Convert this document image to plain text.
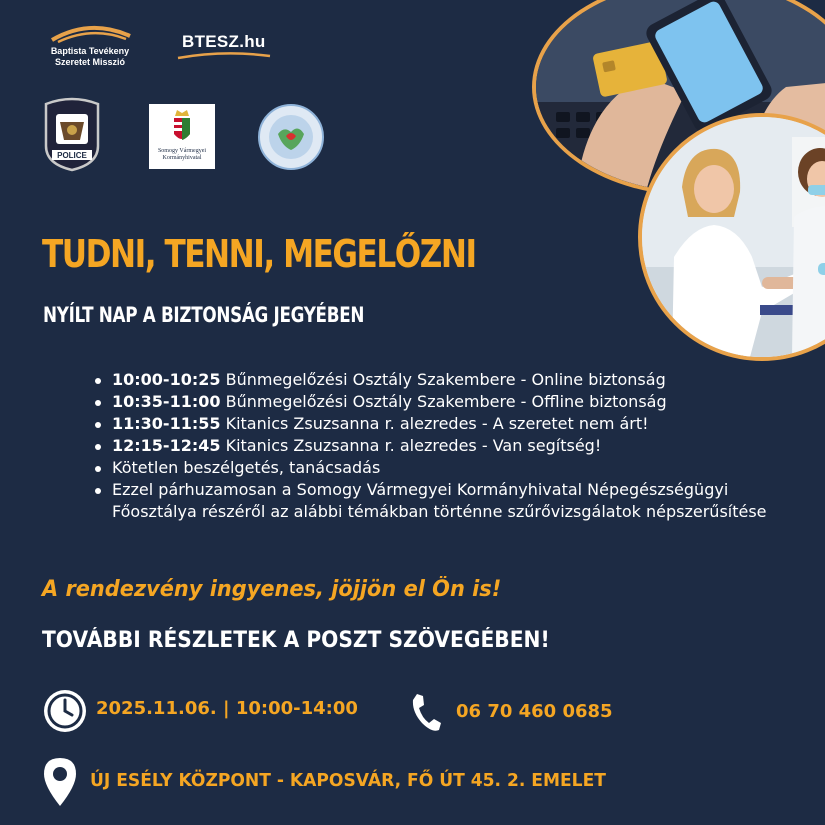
Baptista Tevékeny Szeretet Misszió
BTESZ.hu
POLICE	Somogy Vármegyei Kormányhivatal
TUDNI, TENNI, MEGELŐZNI
NYÍLT NAP A BIZTONSÁG JEGYÉBEN
10:00-10:25 Bűnmegelőzési Osztály Szakembere - Online biztonság
10:35-11:00 Bűnmegelőzési Osztály Szakembere - Offline biztonság
11:30-11:55 Kitanics Zsuzsanna r. alezredes - A szeretet nem árt!
12:15-12:45 Kitanics Zsuzsanna r. alezredes - Van segítség!
Kötetlen beszélgetés, tanácsadás
Ezzel párhuzamosan a Somogy Vármegyei Kormányhivatal Népegészségügyi Főosztálya részéről az alábbi témákban történne szűrővizsgálatok népszerűsítése
A rendezvény ingyenes, jöjjön el Ön is!
TOVÁBBI RÉSZLETEK A POSZT SZÖVEGÉBEN!
2025.11.06. | 10:00-14:00	06 70 460 0685
ÚJ ESÉLY KÖZPONT - KAPOSVÁR, FŐ ÚT 45. 2. EMELET
